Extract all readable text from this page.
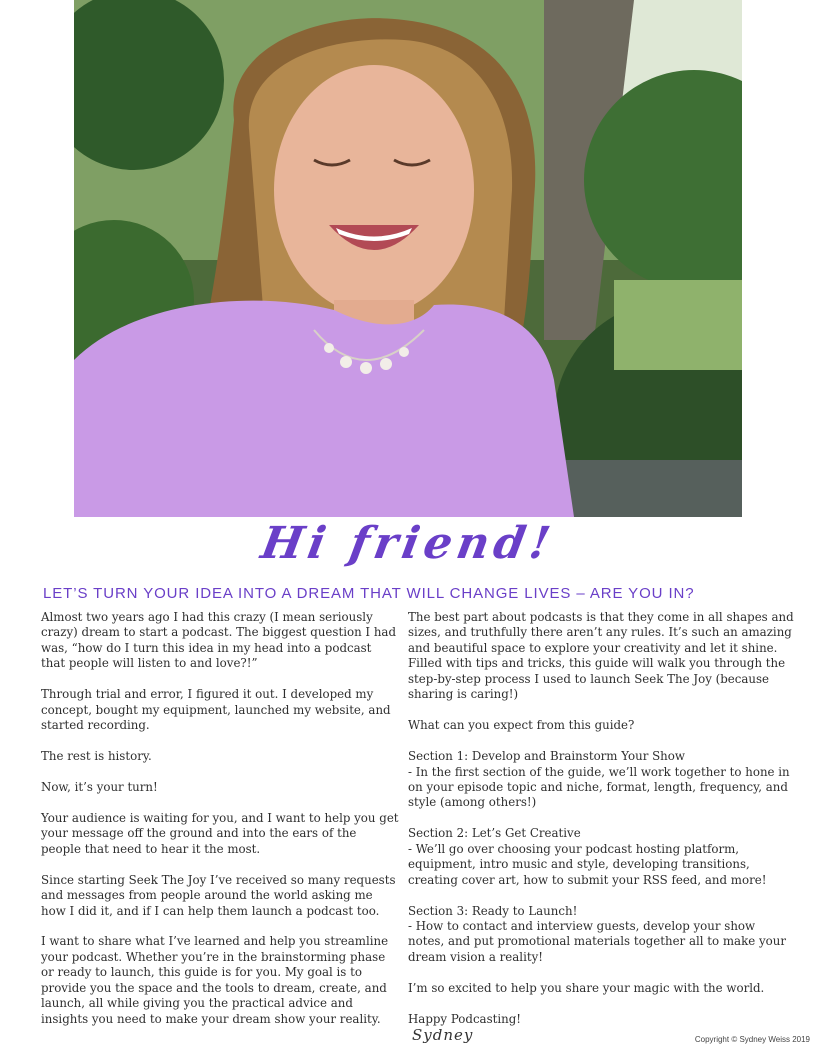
Hi friend!
LET’S TURN YOUR IDEA INTO A DREAM THAT WILL CHANGE LIVES – ARE YOU IN?

Almost two years ago I had this crazy (I mean seriously crazy) dream to start a podcast. The biggest question I had was, “how do I turn this idea in my head into a podcast that people will listen to and love?!”

Through trial and error, I figured it out. I developed my concept, bought my equipment, launched my website, and started recording.

The rest is history.

Now, it’s your turn!

Your audience is waiting for you, and I want to help you get your message off the ground and into the ears of the people that need to hear it the most.

Since starting Seek The Joy I’ve received so many requests and messages from people around the world asking me how I did it, and if I can help them launch a podcast too.

I want to share what I’ve learned and help you streamline your podcast. Whether you’re in the brainstorming phase or ready to launch, this guide is for you. My goal is to provide you the space and the tools to dream, create, and launch, all while giving you the practical advice and insights you need to make your dream show your reality.

The best part about podcasts is that they come in all shapes and sizes, and truthfully there aren’t any rules. It’s such an amazing and beautiful space to explore your creativity and let it shine. Filled with tips and tricks, this guide will walk you through the step-by-step process I used to launch Seek The Joy (because sharing is caring!)

What can you expect from this guide?

Section 1: Develop and Brainstorm Your Show
- In the first section of the guide, we’ll work together to hone in on your episode topic and niche, format, length, frequency, and style (among others!)

Section 2: Let’s Get Creative
- We’ll go over choosing your podcast hosting platform, equipment, intro music and style, developing transitions, creating cover art, how to submit your RSS feed, and more!

Section 3: Ready to Launch!
- How to contact and interview guests, develop your show notes, and put promotional materials together all to make your dream vision a reality!

I’m so excited to help you share your magic with the world.

Happy Podcasting!

Sydney	Copyright © Sydney Weiss 2019
